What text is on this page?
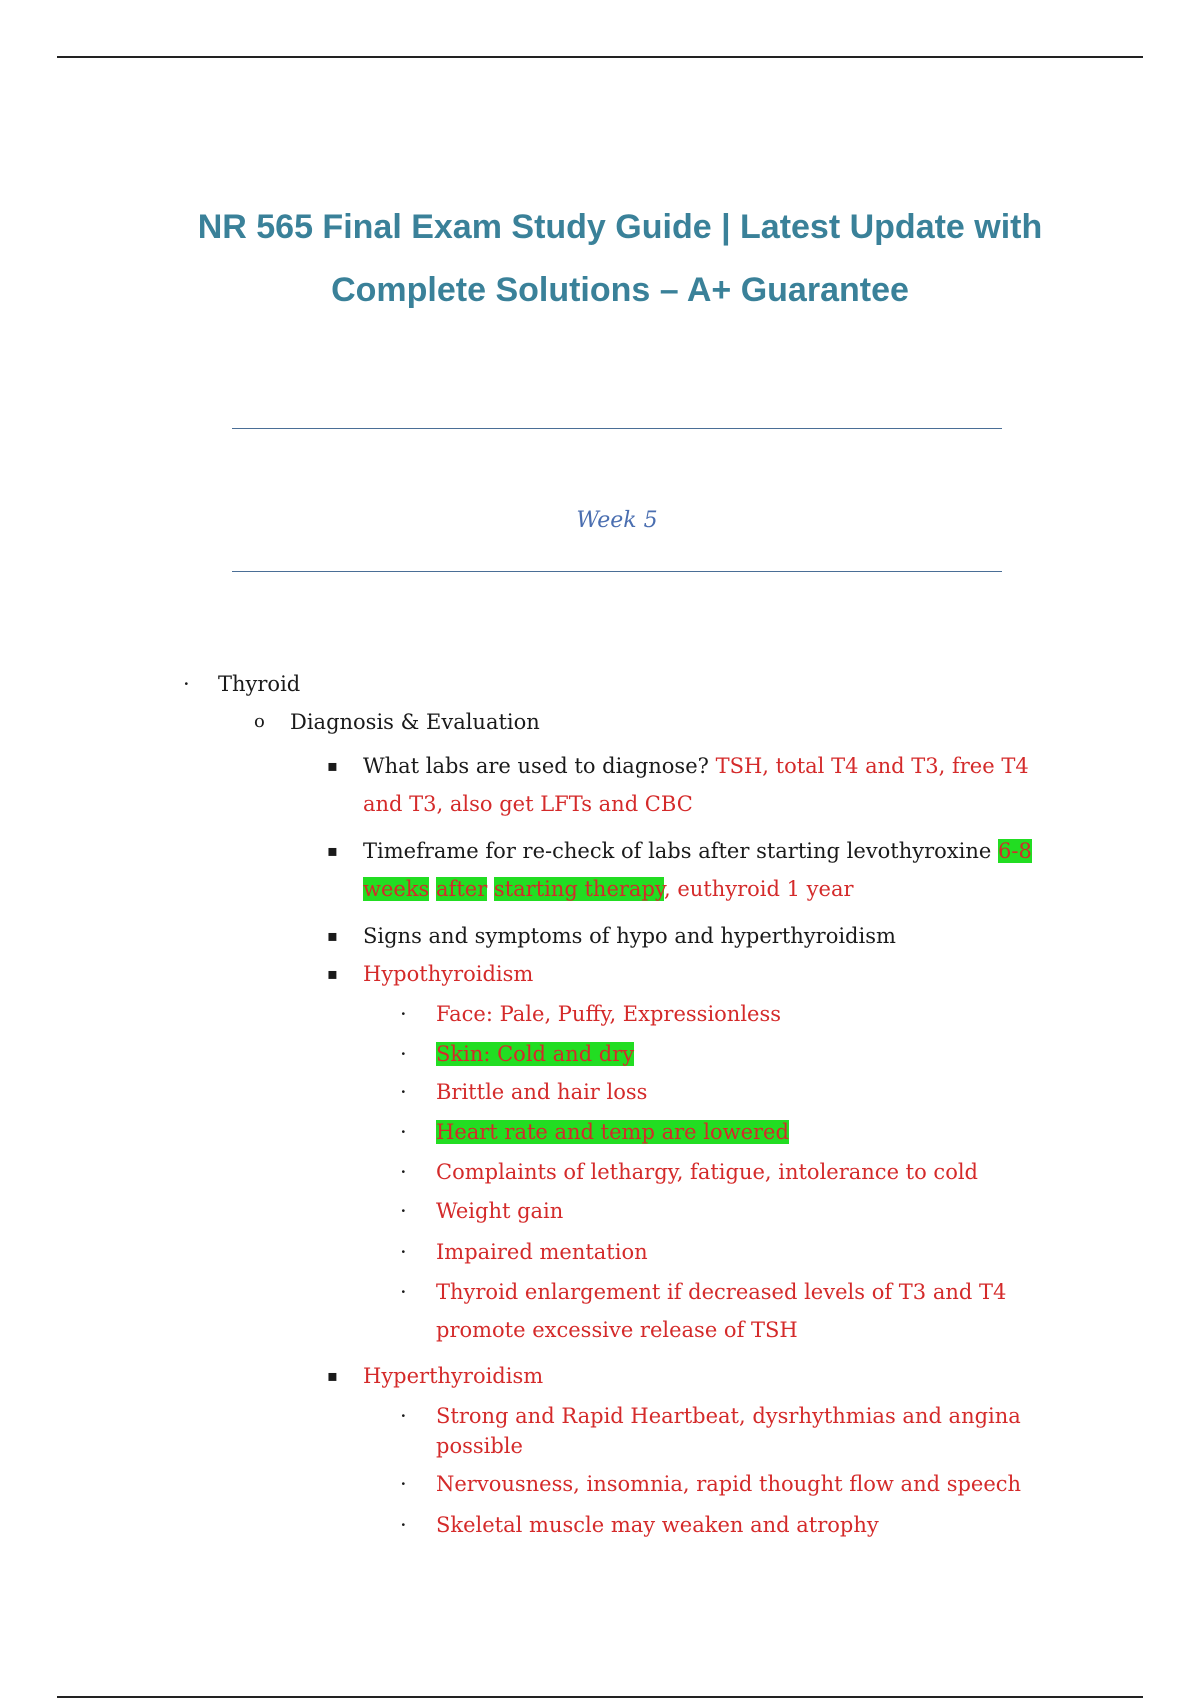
NR 565 Final Exam Study Guide | Latest Update with
Complete Solutions – A+ Guarantee
Week 5
· Thyroid
o Diagnosis & Evaluation
▪ What labs are used to diagnose? TSH, total T4 and T3, free T4
and T3, also get LFTs and CBC
▪ Timeframe for re-check of labs after starting levothyroxine 6-8
weeks after starting therapy, euthyroid 1 year
▪ Signs and symptoms of hypo and hyperthyroidism
▪ Hypothyroidism
· Face: Pale, Puffy, Expressionless
· Skin: Cold and dry
· Brittle and hair loss
· Heart rate and temp are lowered
· Complaints of lethargy, fatigue, intolerance to cold
· Weight gain
· Impaired mentation
· Thyroid enlargement if decreased levels of T3 and T4
promote excessive release of TSH
▪ Hyperthyroidism
· Strong and Rapid Heartbeat, dysrhythmias and angina
possible
· Nervousness, insomnia, rapid thought flow and speech
· Skeletal muscle may weaken and atrophy
